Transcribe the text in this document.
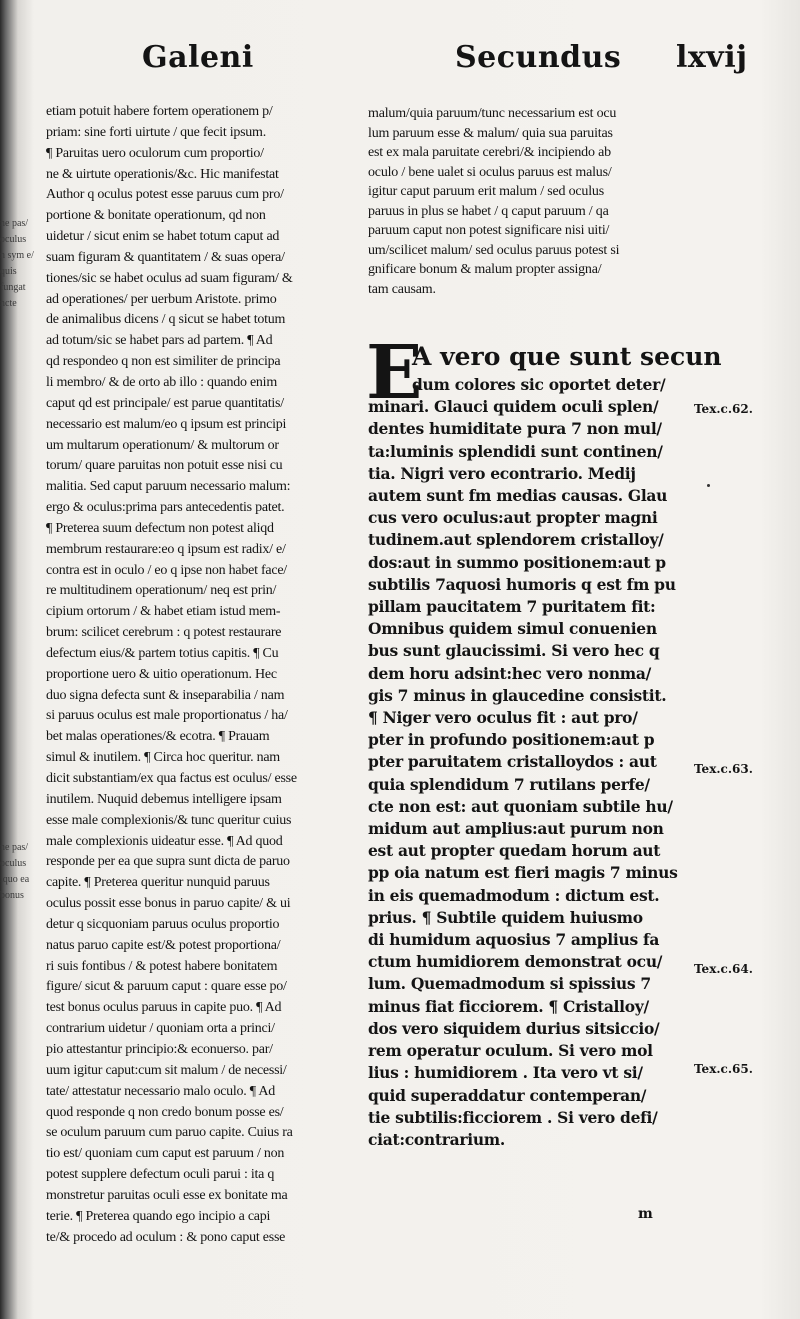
ne pas/
oculus
n sym e/
quis
fungat
ncte
ne pas/
oculus
iquo ea
bonus
Galeni	Secundus lxvij

etiam potuit habere fortem operationem p/

priam: sine forti uirtute / que fecit ipsum.

¶ Paruitas uero oculorum cum proportio/

ne & uirtute operationis/&c. Hic manifestat

Author q oculus potest esse paruus cum pro/

portione & bonitate operationum, qd non

uidetur / sicut enim se habet totum caput ad

suam figuram & quantitatem / & suas opera/

tiones/sic se habet oculus ad suam figuram/ &

ad operationes/ per uerbum Aristote. primo

de animalibus dicens / q sicut se habet totum

ad totum/sic se habet pars ad partem. ¶ Ad

qd respondeo q non est similiter de principa

li membro/ & de orto ab illo : quando enim

caput qd est principale/ est parue quantitatis/

necessario est malum/eo q ipsum est principi

um multarum operationum/ & multorum or

torum/ quare paruitas non potuit esse nisi cu

malitia. Sed caput paruum necessario malum:

ergo & oculus:prima pars antecedentis patet.

¶ Preterea suum defectum non potest aliqd

membrum restaurare:eo q ipsum est radix/ e/

contra est in oculo / eo q ipse non habet face/

re multitudinem operationum/ neq est prin/

cipium ortorum / & habet etiam istud mem-

brum: scilicet cerebrum : q potest restaurare

defectum eius/& partem totius capitis. ¶ Cu

proportione uero & uitio operationum. Hec

duo signa defecta sunt & inseparabilia / nam

si paruus oculus est male proportionatus / ha/

bet malas operationes/& ecotra. ¶ Prauam

simul & inutilem. ¶ Circa hoc queritur. nam

dicit substantiam/ex qua factus est oculus/ esse

inutilem. Nuquid debemus intelligere ipsam

esse male complexionis/& tunc queritur cuius

male complexionis uideatur esse. ¶ Ad quod

responde per ea que supra sunt dicta de paruo

capite. ¶ Preterea queritur nunquid paruus

oculus possit esse bonus in paruo capite/ & ui

detur q sicquoniam paruus oculus proportio

natus paruo capite est/& potest proportiona/

ri suis fontibus / & potest habere bonitatem

figure/ sicut & paruum caput : quare esse po/

test bonus oculus paruus in capite puo. ¶ Ad

contrarium uidetur / quoniam orta a princi/

pio attestantur principio:& econuerso. par/

uum igitur caput:cum sit malum / de necessi/

tate/ attestatur necessario malo oculo. ¶ Ad

quod responde q non credo bonum posse es/

se oculum paruum cum paruo capite. Cuius ra

tio est/ quoniam cum caput est paruum / non

potest supplere defectum oculi parui : ita q

monstretur paruitas oculi esse ex bonitate ma

terie. ¶ Preterea quando ego incipio a capi

te/& procedo ad oculum : & pono caput esse

malum/quia paruum/tunc necessarium est ocu

lum paruum esse & malum/ quia sua paruitas

est ex mala paruitate cerebri/& incipiendo ab

oculo / bene ualet si oculus paruus est malus/

igitur caput paruum erit malum / sed oculus

paruus in plus se habet / q caput paruum / qa

paruum caput non potest significare nisi uiti/

um/scilicet malum/ sed oculus paruus potest si

gnificare bonum & malum propter assigna/

tam causam.

E

A vero que sunt secun

dum colores sic oportet deter/

minari. Glauci quidem oculi splen/

dentes humiditate pura 7 non mul/

ta:luminis splendidi sunt continen/

tia. Nigri vero econtrario. Medij

autem sunt fm medias causas. Glau

cus vero oculus:aut propter magni

tudinem.aut splendorem cristalloy/

dos:aut in summo positionem:aut p

subtilis 7aquosi humoris q est fm pu

pillam paucitatem 7 puritatem fit:

Omnibus quidem simul conuenien

bus sunt glaucissimi. Si vero hec q

dem horu adsint:hec vero nonma/

gis 7 minus in glaucedine consistit.

¶ Niger vero oculus fit : aut pro/

pter in profundo positionem:aut p

pter paruitatem cristalloydos : aut

quia splendidum 7 rutilans perfe/

cte non est: aut quoniam subtile hu/

midum aut amplius:aut purum non

est aut propter quedam horum aut

pp oia natum est fieri magis 7 minus

in eis quemadmodum : dictum est.

prius. ¶ Subtile quidem huiusmo

di humidum aquosius 7 amplius fa

ctum humidiorem demonstrat ocu/

lum. Quemadmodum si spissius 7

minus fiat ficciorem. ¶ Cristalloy/

dos vero siquidem durius sitsiccio/

rem operatur oculum. Si vero mol

lius : humidiorem . Ita vero vt si/

quid superaddatur contemperan/

tie subtilis:ficciorem . Si vero defi/

ciat:contrarium.

Tex.c.62.
Tex.c.63.
Tex.c.64.
Tex.c.65.
m
